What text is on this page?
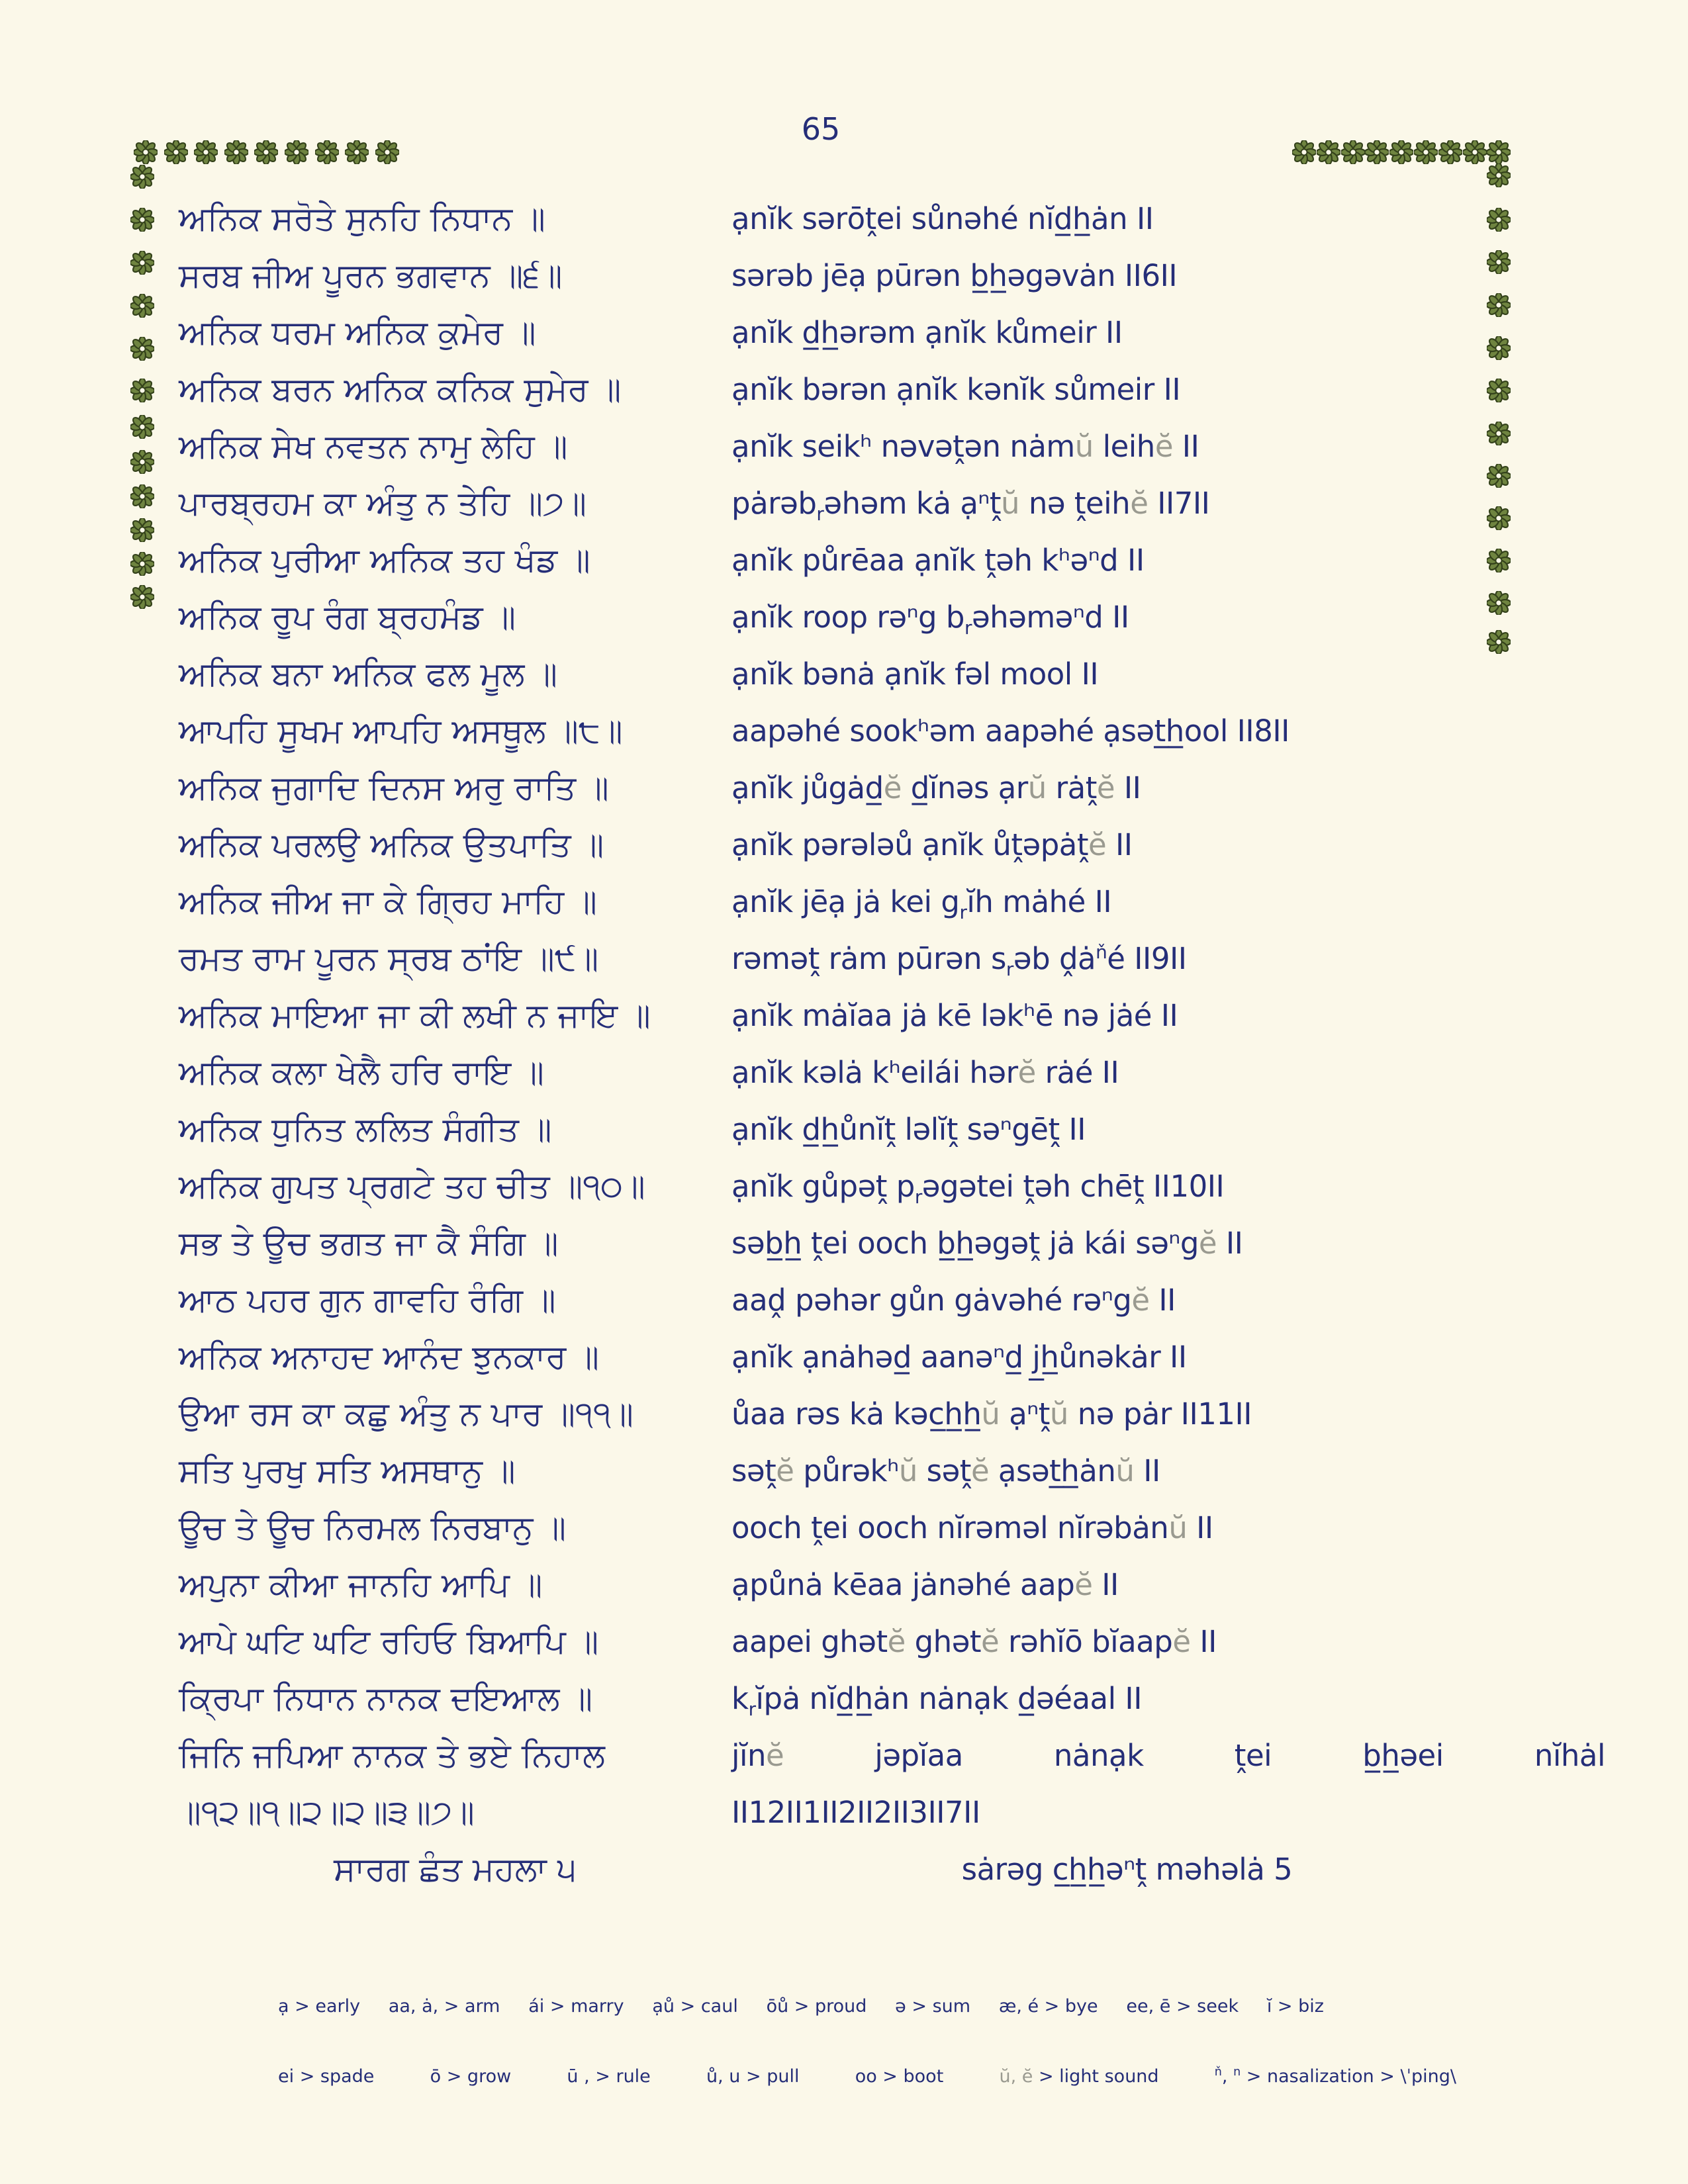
65
ਅਨਿਕ ਸਰੋਤੇ ਸੁਨਹਿ ਨਿਧਾਨ ॥	ạnĭk sərōṱei sůnəhé nĭd̲h̲ȧn II
ਸਰਬ ਜੀਅ ਪੂਰਨ ਭਗਵਾਨ ॥੬॥	sərəb jēạ pūrən b̲h̲əgəvȧn II6II
ਅਨਿਕ ਧਰਮ ਅਨਿਕ ਕੁਮੇਰ ॥	ạnĭk d̲h̲ərəm ạnĭk kůmeir II
ਅਨਿਕ ਬਰਨ ਅਨਿਕ ਕਨਿਕ ਸੁਮੇਰ ॥	ạnĭk bərən ạnĭk kənĭk sůmeir II
ਅਨਿਕ ਸੇਖ ਨਵਤਨ ਨਾਮੁ ਲੇਹਿ ॥	ạnĭk seikʰ nəvəṱən nȧmŭ leihĕ II
ਪਾਰਬ੍ਰਹਮ ਕਾ ਅੰਤੁ ਨ ਤੇਹਿ ॥੭॥	pȧrəb$_r$əhəm kȧ ạⁿṱŭ nə ṱeihĕ II7II
ਅਨਿਕ ਪੁਰੀਆ ਅਨਿਕ ਤਹ ਖੰਡ ॥	ạnĭk půrēaa ạnĭk ṱəh kʰəⁿd II
ਅਨਿਕ ਰੂਪ ਰੰਗ ਬ੍ਰਹਮੰਡ ॥	ạnĭk roop rəⁿg $b_rəhəmə^nd$ II
ਅਨਿਕ ਬਨਾ ਅਨਿਕ ਫਲ ਮੂਲ ॥	ạnĭk bənȧ ạnĭk fəl mool II
ਆਪਹਿ ਸੂਖਮ ਆਪਹਿ ਅਸਥੂਲ ॥੮॥	aapəhé sookʰəm aapəhé ạsət̲h̲ool II8II
ਅਨਿਕ ਜੁਗਾਦਿ ਦਿਨਸ ਅਰੁ ਰਾਤਿ ॥	ạnĭk jůgȧd̲ĕ d̲ĭnəs ạrŭ rȧṱĕ II
ਅਨਿਕ ਪਰਲਉ ਅਨਿਕ ਉਤਪਾਤਿ ॥	ạnĭk pərələů ạnĭk ůṱəpȧṱĕ II
ਅਨਿਕ ਜੀਅ ਜਾ ਕੇ ਗ੍ਰਿਹ ਮਾਹਿ ॥	ạnĭk jēạ jȧ kei $g_rĭh$ mȧhé II
ਰਮਤ ਰਾਮ ਪੂਰਨ ਸ੍ਰਬ ਠਾਂਇ ॥੯॥	rəməṱ rȧm pūrən $s_rəb$ ḓȧ$^ň$é II9II
ਅਨਿਕ ਮਾਇਆ ਜਾ ਕੀ ਲਖੀ ਨ ਜਾਇ ॥	ạnĭk mȧĭaa jȧ kē ləkʰē nə jȧé II
ਅਨਿਕ ਕਲਾ ਖੇਲੈ ਹਰਿ ਰਾਇ ॥	ạnĭk kəlȧ kʰeilái hərĕ rȧé II
ਅਨਿਕ ਧੁਨਿਤ ਲਲਿਤ ਸੰਗੀਤ ॥	ạnĭk d̲h̲ůnĭṱ ləlĭṱ səⁿgēṱ II
ਅਨਿਕ ਗੁਪਤ ਪ੍ਰਗਟੇ ਤਹ ਚੀਤ ॥੧੦॥	ạnĭk gůpəṱ $p_rəgətei$ ṱəh chēṱ II10II
ਸਭ ਤੇ ਊਚ ਭਗਤ ਜਾ ਕੈ ਸੰਗਿ ॥	səb̲h̲ ṱei ooch b̲h̲əgəṱ jȧ kái səⁿgĕ II
ਆਠ ਪਹਰ ਗੁਨ ਗਾਵਹਿ ਰੰਗਿ ॥	aaḓ pəhər gůn gȧvəhé rəⁿgĕ II
ਅਨਿਕ ਅਨਾਹਦ ਆਨੰਦ ਝੁਨਕਾਰ ॥	ạnĭk ạnȧhəd̲ aanəⁿd̲ j̲h̲ůnəkȧr II
ਉਆ ਰਸ ਕਾ ਕਛੁ ਅੰਤੁ ਨ ਪਾਰ ॥੧੧॥	ůaa rəs kȧ kəc̲h̲h̲ŭ ạⁿṱŭ nə pȧr II11II
ਸਤਿ ਪੁਰਖੁ ਸਤਿ ਅਸਥਾਨੁ ॥	səṱĕ půrəkʰŭ səṱĕ ạsət̲h̲ȧnŭ II
ਊਚ ਤੇ ਊਚ ਨਿਰਮਲ ਨਿਰਬਾਨੁ ॥	ooch ṱei ooch nĭrəməl nĭrəbȧnŭ II
ਅਪੁਨਾ ਕੀਆ ਜਾਨਹਿ ਆਪਿ ॥	ạpůnȧ kēaa jȧnəhé aapĕ II
ਆਪੇ ਘਟਿ ਘਟਿ ਰਹਿਓ ਬਿਆਪਿ ॥	aapei ghətĕ ghətĕ rəhĭō bĭaapĕ II
ਕ੍ਰਿਪਾ ਨਿਧਾਨ ਨਾਨਕ ਦਇਆਲ ॥	$k_rĭpȧ$ nĭd̲h̲ȧn nȧnạk d̲əéaal II
ਜਿਨਿ ਜਪਿਆ ਨਾਨਕ ਤੇ ਭਏ ਨਿਹਾਲ	jĭnĕ jəpĭaa nȧnạk ṱei b̲h̲əei nĭhȧl
॥੧੨॥੧॥੨॥੨॥੩॥੭॥	II12II1II2II2II3II7II
ਸਾਰਗ ਛੰਤ ਮਹਲਾ ੫	sȧrəg c̲h̲h̲əⁿṱ məhəlȧ 5
ạ > early aa, ȧ, > arm ái > marry ạů > caul ōů > proud ə > sum æ, é > bye ee, ē > seek ĭ > biz
ei > spade	ō > grow	ū , > rule	ů, u > pull	oo > boot	ŭ, ĕ > light sound	$^ň$, $^n$ > nasalization > \ˈping\
